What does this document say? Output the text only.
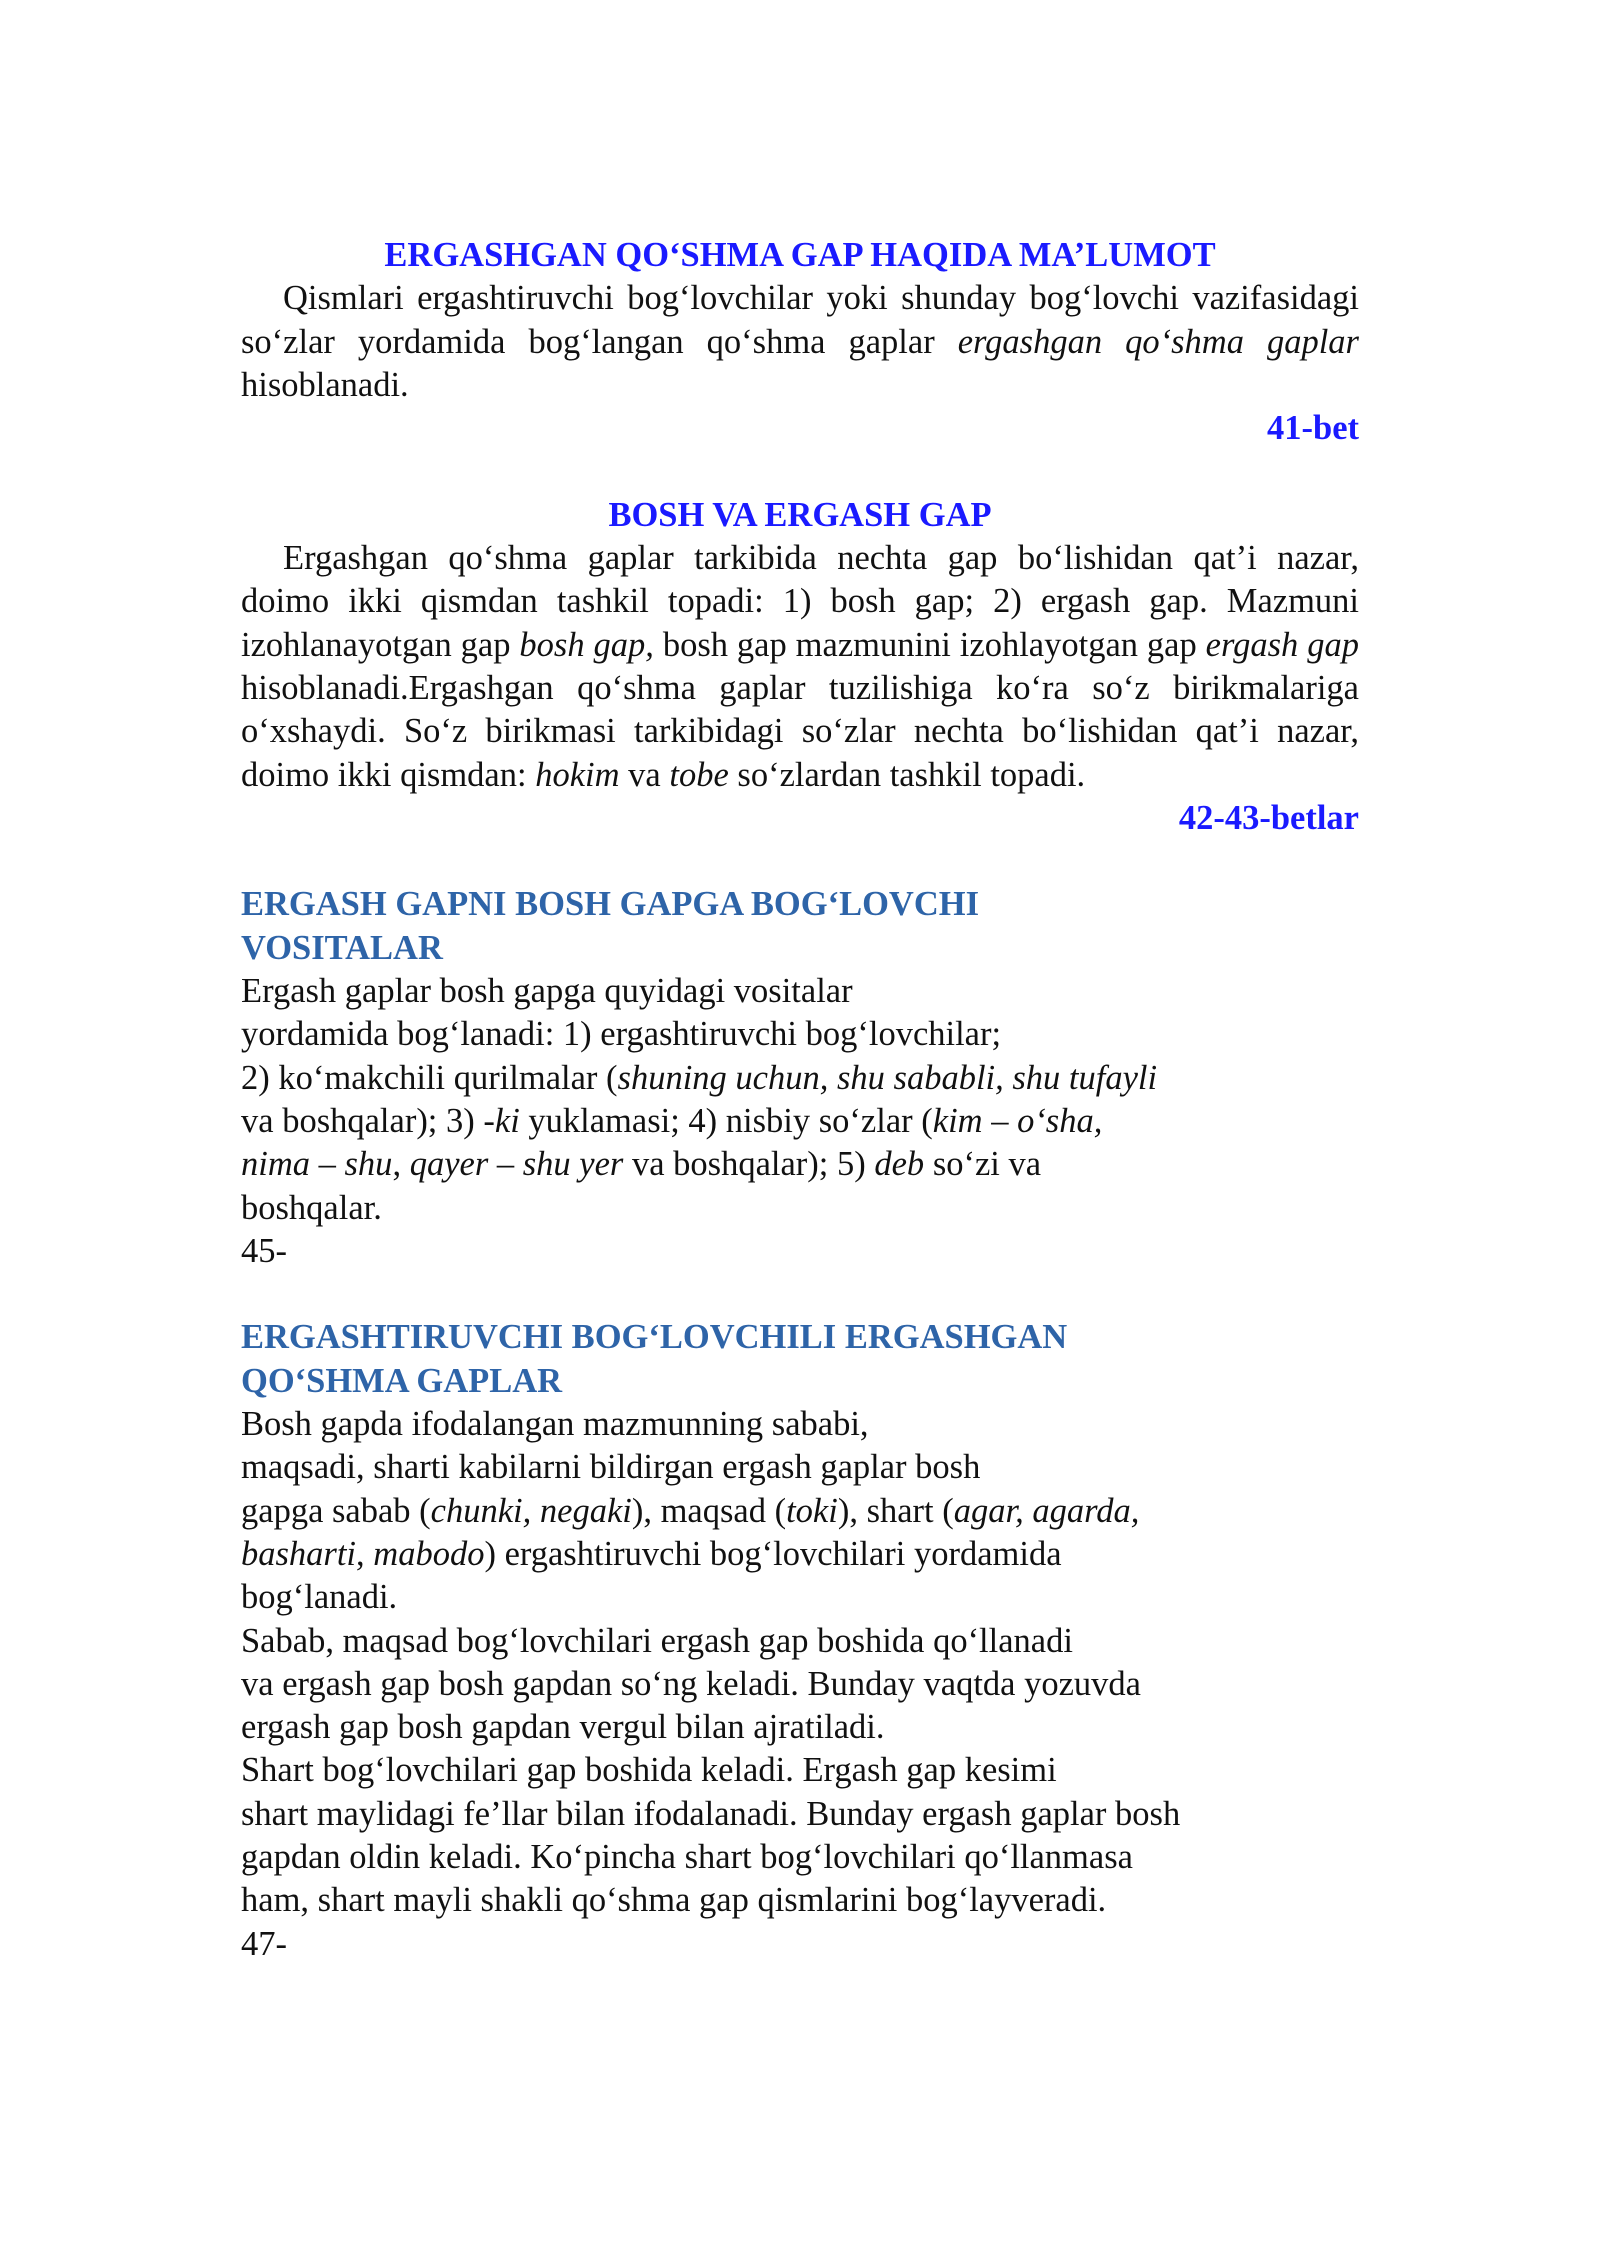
ERGASHGAN QO‘SHMA GAP HAQIDA MA’LUMOT

Qismlari ergashtiruvchi bog‘lovchilar yoki shunday bog‘lovchi vazifasidagi so‘zlar yordamida bog‘langan qo‘shma gaplar ergashgan qo‘shma gaplar hisoblanadi.

41-bet

BOSH VA ERGASH GAP

Ergashgan qo‘shma gaplar tarkibida nechta gap bo‘lishidan qat’i nazar, doimo ikki qismdan tashkil topadi: 1) bosh gap; 2) ergash gap. Mazmuni izohlanayotgan gap bosh gap, bosh gap mazmunini izohlayotgan gap ergash gap hisoblanadi.Ergashgan qo‘shma gaplar tuzilishiga ko‘ra so‘z birikmalariga o‘xshaydi. So‘z birikmasi tarkibidagi so‘zlar nechta bo‘lishidan qat’i nazar, doimo ikki qismdan: hokim va tobe so‘zlardan tashkil topadi.

42-43-betlar

ERGASH GAPNI BOSH GAPGA BOG‘LOVCHI
VOSITALAR
Ergash gaplar bosh gapga quyidagi vositalar
yordamida bog‘lanadi: 1) ergashtiruvchi bog‘lovchilar;
2) ko‘makchili qurilmalar (shuning uchun, shu sababli, shu tufayli
va boshqalar); 3) -ki yuklamasi; 4) nisbiy so‘zlar (kim – o‘sha,
nima – shu, qayer – shu yer va boshqalar); 5) deb so‘zi va
boshqalar.
45-
ERGASHTIRUVCHI BOG‘LOVCHILI ERGASHGAN
QO‘SHMA GAPLAR
Bosh gapda ifodalangan mazmunning sababi,
maqsadi, sharti kabilarni bildirgan ergash gaplar bosh
gapga sabab (chunki, negaki), maqsad (toki), shart (agar, agarda,
basharti, mabodo) ergashtiruvchi bog‘lovchilari yordamida
bog‘lanadi.
Sabab, maqsad bog‘lovchilari ergash gap boshida qo‘llanadi
va ergash gap bosh gapdan so‘ng keladi. Bunday vaqtda yozuvda
ergash gap bosh gapdan vergul bilan ajratiladi.
Shart bog‘lovchilari gap boshida keladi. Ergash gap kesimi
shart maylidagi fe’llar bilan ifodalanadi. Bunday ergash gaplar bosh
gapdan oldin keladi. Ko‘pincha shart bog‘lovchilari qo‘llanmasa
ham, shart mayli shakli qo‘shma gap qismlarini bog‘layveradi.
47-
